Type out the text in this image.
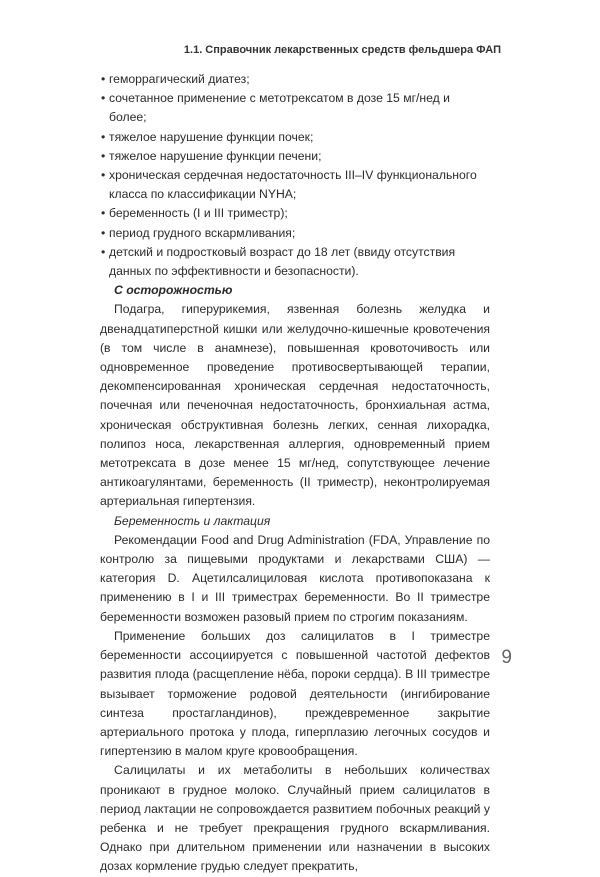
1.1. Справочник лекарственных средств фельдшера ФАП
• геморрагический диатез;
• сочетанное применение с метотрексатом в дозе 15 мг/нед и более;
• тяжелое нарушение функции почек;
• тяжелое нарушение функции печени;
• хроническая сердечная недостаточность III–IV функционального класса по классификации NYHA;
• беременность (I и III триместр);
• период грудного вскармливания;
• детский и подростковый возраст до 18 лет (ввиду отсутствия данных по эффективности и безопасности).

С осторожностью

Подагра, гиперурикемия, язвенная болезнь желудка и двенадцатиперстной кишки или желудочно-кишечные кровотечения (в том числе в анамнезе), повышенная кровоточивость или одновременное проведение противосвертывающей терапии, декомпенсированная хроническая сердечная недостаточность, почечная или печеночная недостаточность, бронхиальная астма, хроническая обструктивная болезнь легких, сенная лихорадка, полипоз носа, лекарственная аллергия, одновременный прием метотрексата в дозе менее 15 мг/нед, сопутствующее лечение антикоагулянтами, беременность (II триместр), неконтролируемая артериальная гипертензия.

Беременность и лактация

Рекомендации Food and Drug Administration (FDA, Управление по контролю за пищевыми продуктами и лекарствами США) — категория D. Ацетилсалициловая кислота противопоказана к применению в I и III триместрах беременности. Во II триместре беременности возможен разовый прием по строгим показаниям.

Применение больших доз салицилатов в I триместре беременности ассоциируется с повышенной частотой дефектов развития плода (расщепление нёба, пороки сердца). В III триместре вызывает торможение родовой деятельности (ингибирование синтеза простагландинов), преждевременное закрытие артериального протока у плода, гиперплазию легочных сосудов и гипертензию в малом круге кровообращения.

Салицилаты и их метаболиты в небольших количествах проникают в грудное молоко. Случайный прием салицилатов в период лактации не сопровождается развитием побочных реакций у ребенка и не требует прекращения грудного вскармливания. Однако при длительном применении или назначении в высоких дозах кормление грудью следует прекратить,

9
